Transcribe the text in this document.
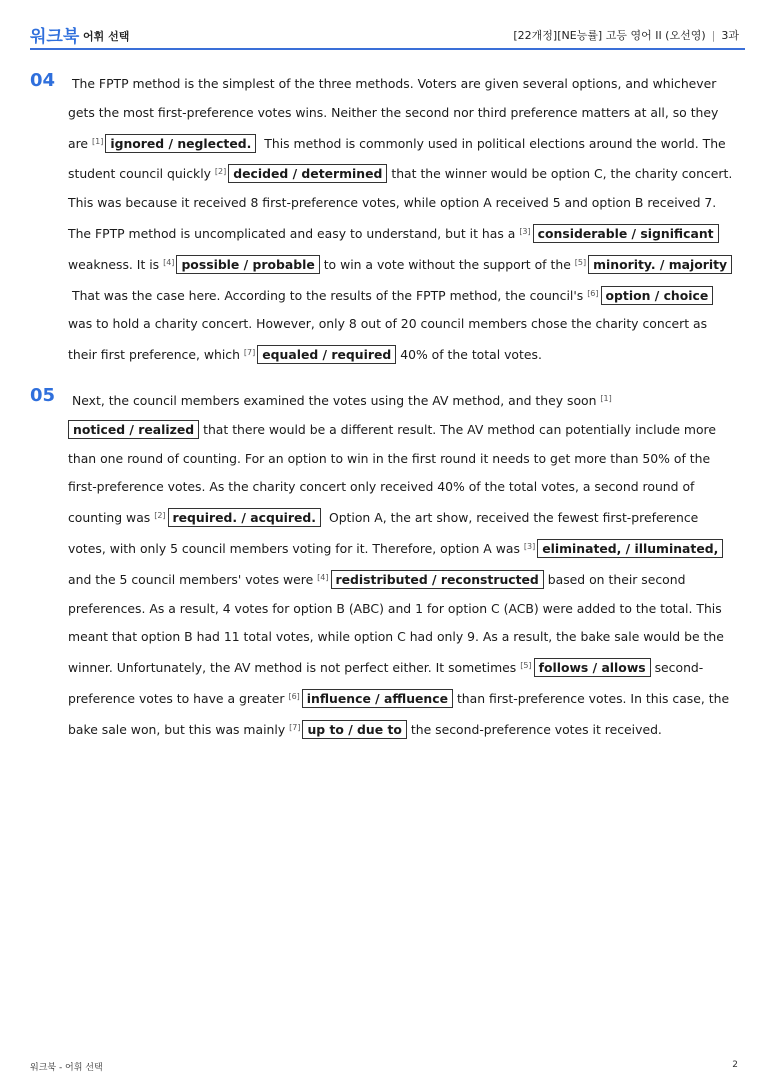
워크북 어휘 선택	[22개정][NE능률] 고등 영어 II (오선영) | 3과
04	The FPTP method is the simplest of the three methods. Voters are given several options, and whichever gets the most first-preference votes wins. Neither the second nor third preference matters at all, so they are [1] ignored / neglected. This method is commonly used in political elections around the world. The student council quickly [2] decided / determined that the winner would be option C, the charity concert. This was because it received 8 first-preference votes, while option A received 5 and option B received 7. The FPTP method is uncomplicated and easy to understand, but it has a [3] considerable / significant weakness. It is [4] possible / probable to win a vote without the support of the [5] minority. / majority That was the case here. According to the results of the FPTP method, the council's [6] option / choice was to hold a charity concert. However, only 8 out of 20 council members chose the charity concert as their first preference, which [7] equaled / required 40% of the total votes.
05	Next, the council members examined the votes using the AV method, and they soon [1]noticed / realized that there would be a different result. The AV method can potentially include more than one round of counting. For an option to win in the first round it needs to get more than 50% of the first-preference votes. As the charity concert only received 40% of the total votes, a second round of counting was [2] required. / acquired. Option A, the art show, received the fewest first-preference votes, with only 5 council members voting for it. Therefore, option A was [3] eliminated, / illuminated, and the 5 council members' votes were [4] redistributed / reconstructed based on their second preferences. As a result, 4 votes for option B (ABC) and 1 for option C (ACB) were added to the total. This meant that option B had 11 total votes, while option C had only 9. As a result, the bake sale would be the winner. Unfortunately, the AV method is not perfect either. It sometimes [5] follows / allows second-preference votes to have a greater [6] influence / affluence than first-preference votes. In this case, the bake sale won, but this was mainly [7] up to / due to the second-preference votes it received.
워크북 - 어휘 선택	2
